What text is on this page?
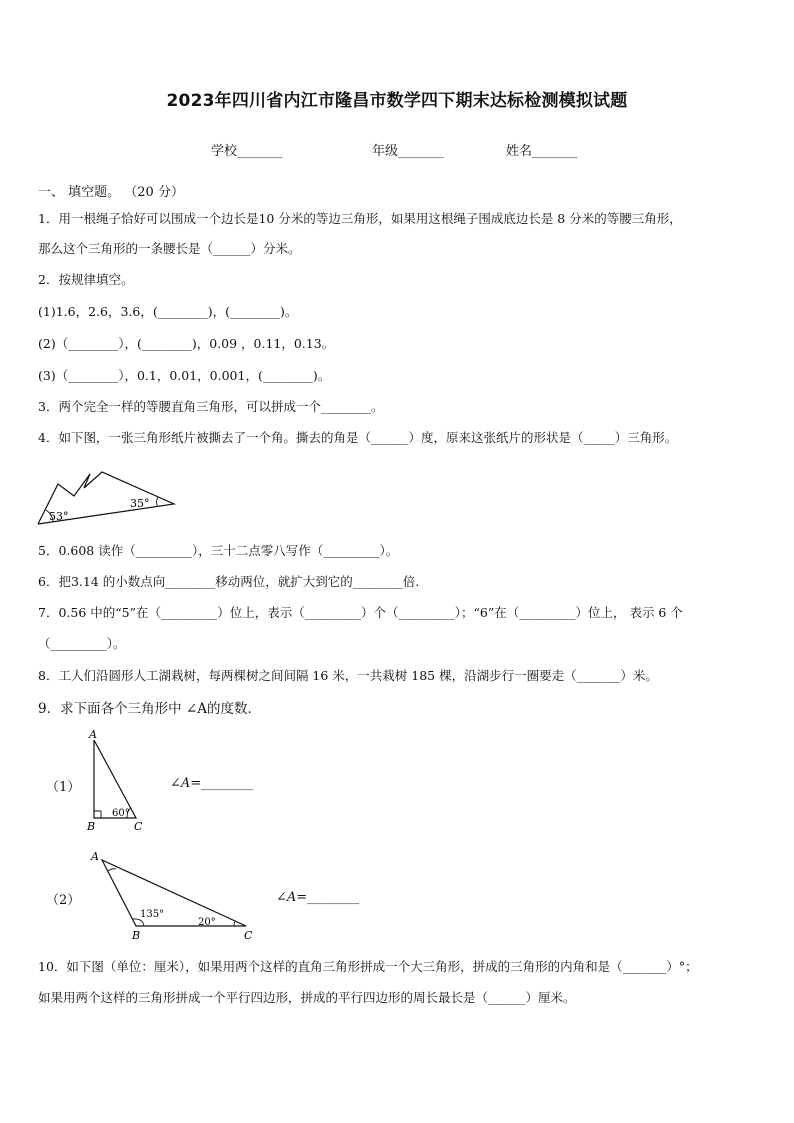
2023年四川省内江市隆昌市数学四下期末达标检测模拟试题
学校_______	年级_______	姓名_______
一、 填空题。 （20 分）
1．用一根绳子恰好可以围成一个边长是10 分米的等边三角形，如果用这根绳子围成底边长是 8 分米的等腰三角形，
那么这个三角形的一条腰长是（______）分米。
2．按规律填空。
(1)1.6，2.6，3.6，(________)，(________)。
(2)（________），(________)，0.09 ，0.11，0.13。
(3)（________），0.1，0.01，0.001，(________)。
3．两个完全一样的等腰直角三角形，可以拼成一个________。
4．如下图，一张三角形纸片被撕去了一个角。撕去的角是（______）度，原来这张纸片的形状是（_____）三角形。
53°
35°
5．0.608 读作（_________），三十二点零八写作（_________）。
6．把3.14 的小数点向________移动两位，就扩大到它的________倍.
7．0.56 中的“5”在（_________）位上，表示（_________）个（_________）；“6”在（_________）位上， 表示 6 个
（_________）。
8．工人们沿圆形人工湖栽树，每两棵树之间间隔 16 米，一共栽树 185 棵，沿湖步行一圈要走（_______）米。
9．求下面各个三角形中 ∠A的度数．
（1）
A
B	C
60°
∠A=________
（2）
A
B	C
135°
20°
∠A=________
10．如下图（单位：厘米），如果用两个这样的直角三角形拼成一个大三角形，拼成的三角形的内角和是（_______）°；
如果用两个这样的三角形拼成一个平行四边形，拼成的平行四边形的周长最长是（______）厘米。
